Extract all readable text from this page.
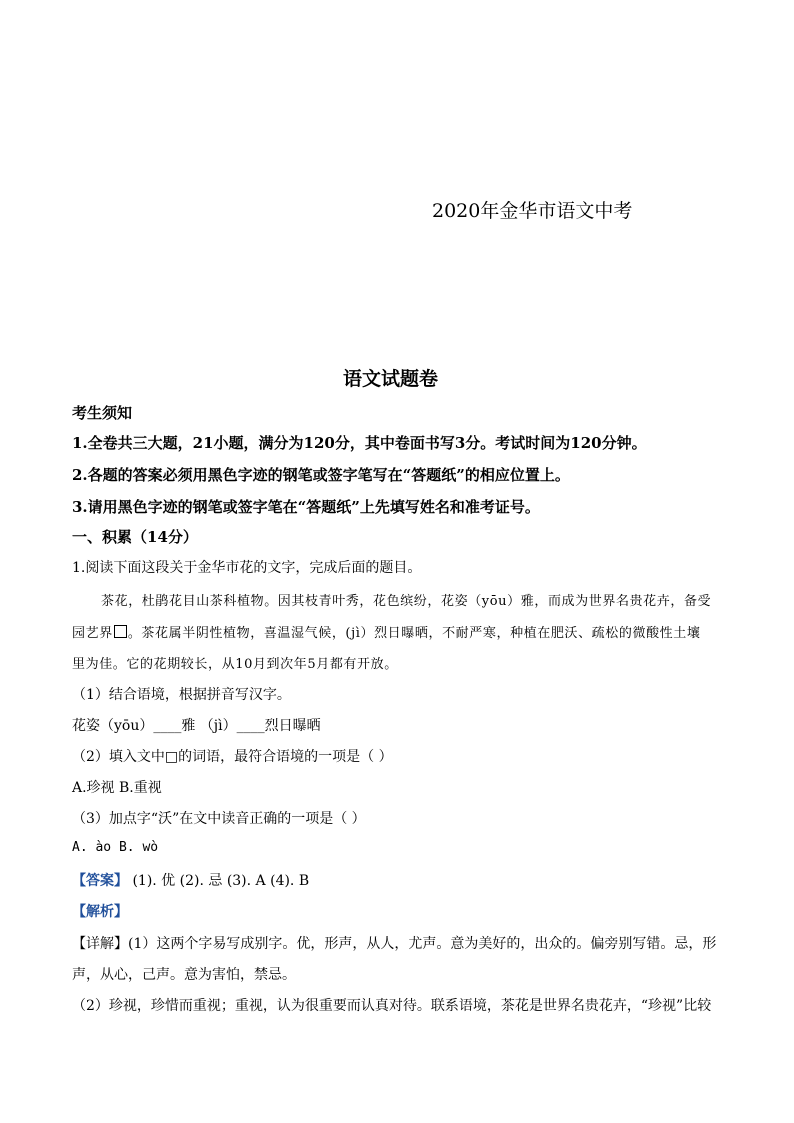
2020年金华市语文中考
语文试题卷
考生须知
1.全卷共三大题，21小题，满分为120分，其中卷面书写3分。考试时间为120分钟。
2.各题的答案必须用黑色字迹的钢笔或签字笔写在“答题纸”的相应位置上。
3.请用黑色字迹的钢笔或签字笔在“答题纸”上先填写姓名和准考证号。
一、积累（14分）
1.阅读下面这段关于金华市花的文字，完成后面的题目。
茶花，杜鹃花目山茶科植物。因其枝青叶秀，花色缤纷，花姿（yōu）雅，而成为世界名贵花卉，备受
园艺界 。茶花属半阴性植物，喜温湿气候，(jì）烈日曝晒，不耐严寒，种植在肥沃、疏松的微酸性土壤
里为佳。它的花期较长，从10月到次年5月都有开放。
（1）结合语境，根据拼音写汉字。
花姿（yōu）____雅 （jì）____烈日曝晒
（2）填入文中□的词语，最符合语境的一项是（ ）
A.珍视 B.重视
（3）加点字“沃”在文中读音正确的一项是（ ）
A. ào B. wò
【答案】 (1). 优 (2). 忌 (3). A (4). B
【解析】
【详解】(1）这两个字易写成别字。优，形声，从人，尤声。意为美好的，出众的。偏旁别写错。忌，形
声，从心，己声。意为害怕，禁忌。
（2）珍视，珍惜而重视；重视，认为很重要而认真对待。联系语境，茶花是世界名贵花卉，“珍视”比较
